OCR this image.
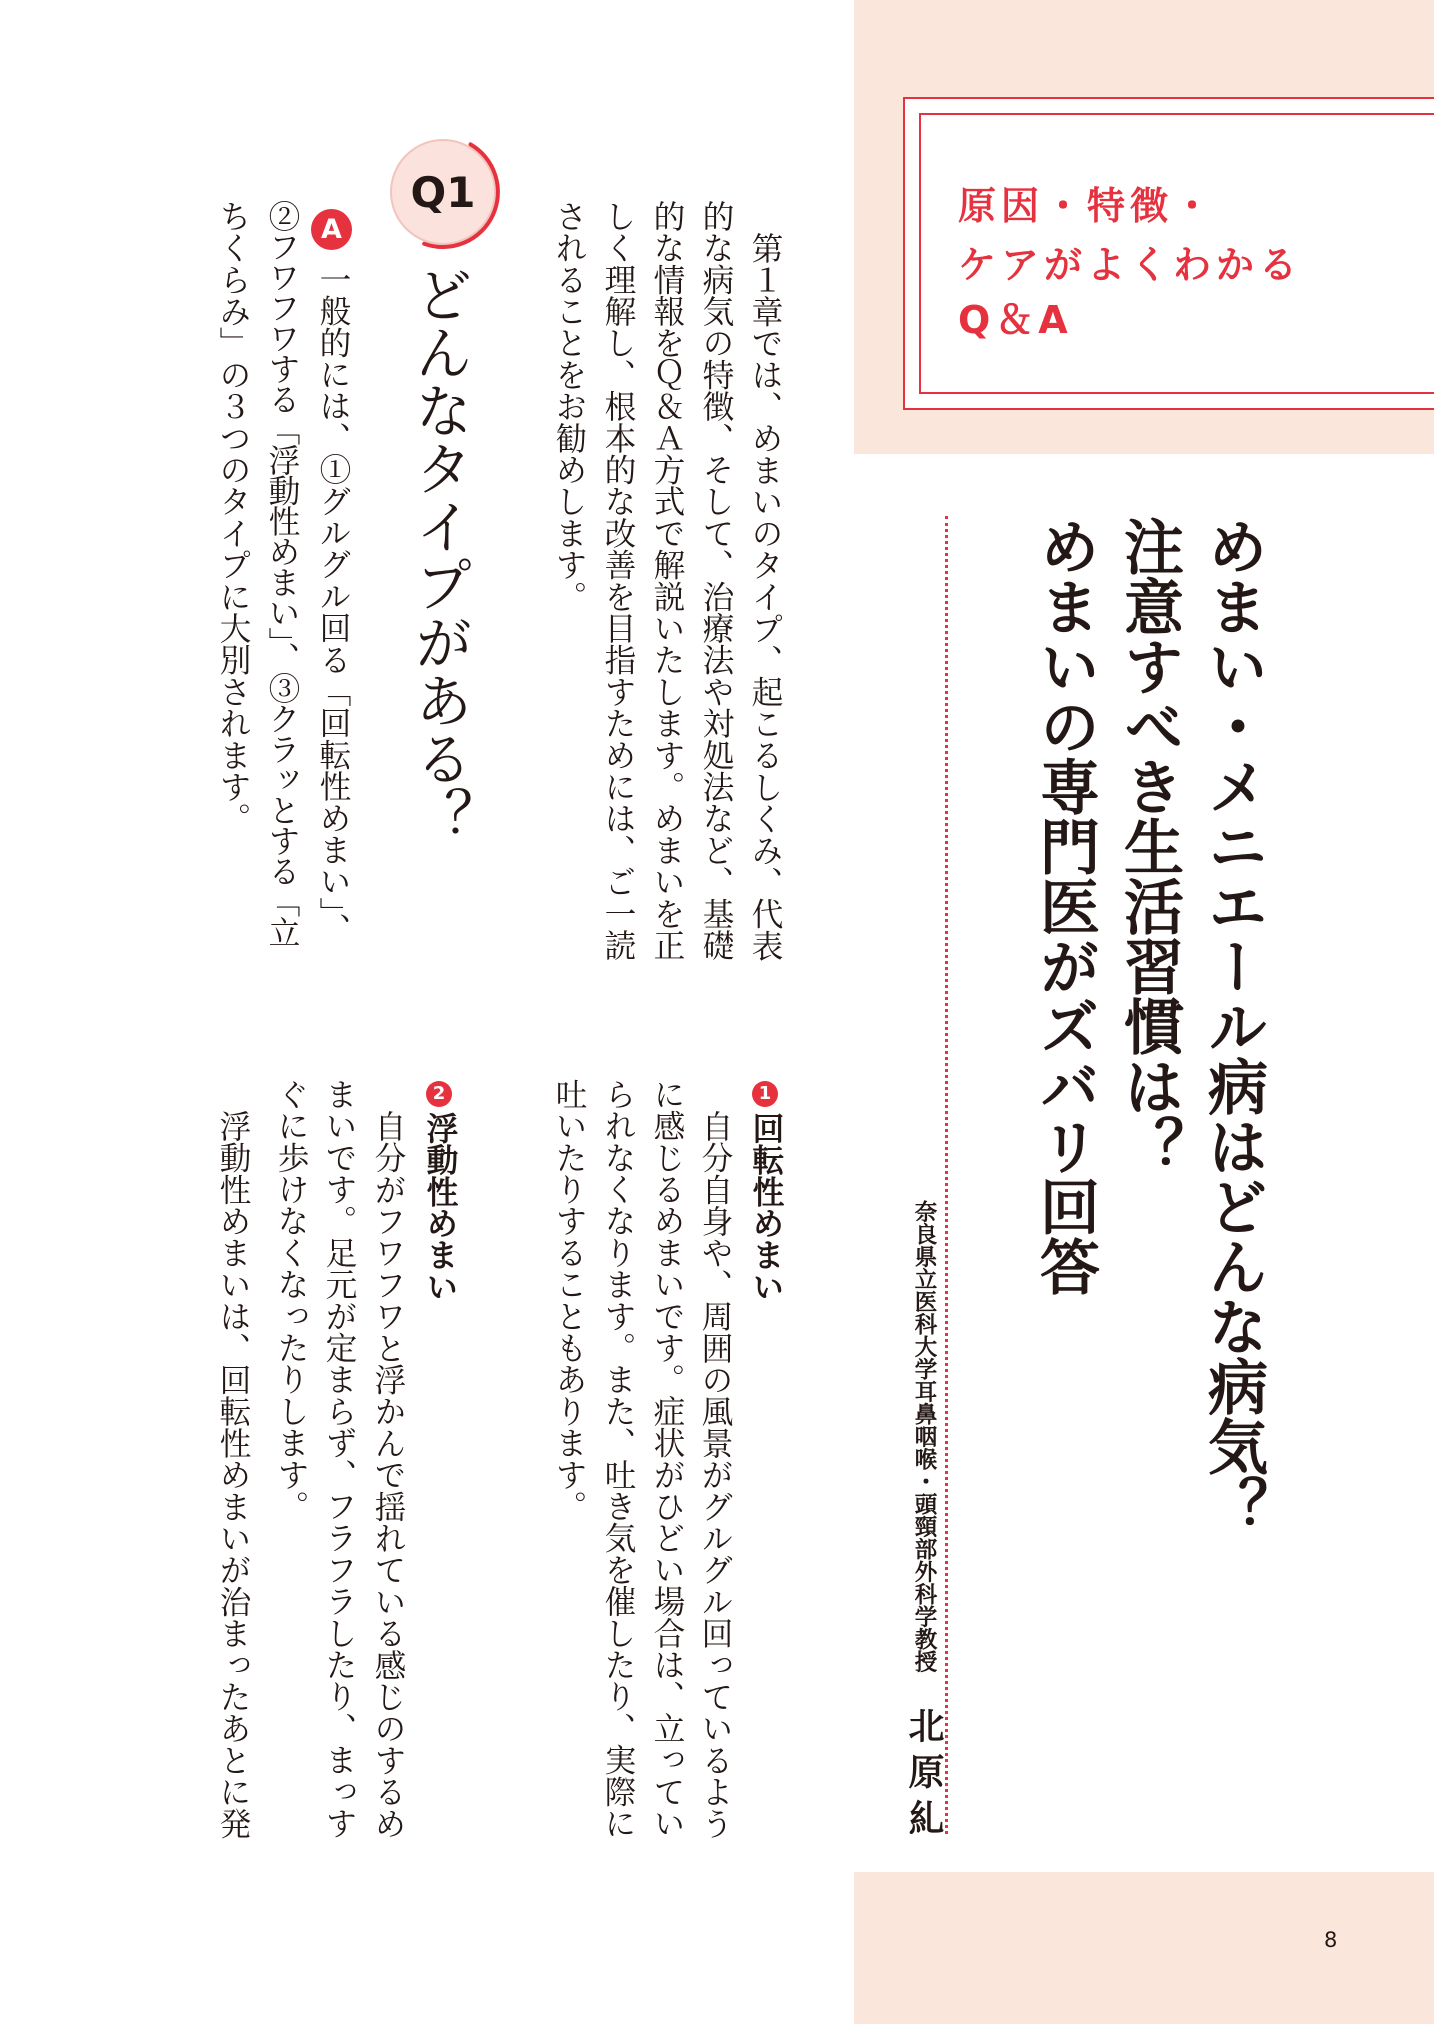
原因・特徴・
ケアがよくわかる
Q＆A
めまい・メニエール病はどんな病気？
注意すべき生活習慣は？
めまいの専門医がズバリ回答
奈良県立医科大学耳鼻咽喉・頭頸部外科学教授
北原糺
第１章では、めまいのタイプ、起こるしくみ、代表
的な病気の特徴、そして、治療法や対処法など、基礎
的な情報をＱ＆Ａ方式で解説いたします。めまいを正
しく理解し、根本的な改善を目指すためには、ご一読
されることをお勧めします。
Q1
どんなタイプがある？
A
一般的には、①グルグル回る「回転性めまい」、
②フワフワする「浮動性めまい」、③クラッとする「立
ちくらみ」の３つのタイプに大別されます。
1
回転性めまい
自分自身や、周囲の風景がグルグル回っているよう
に感じるめまいです。症状がひどい場合は、立ってい
られなくなります。また、吐き気を催したり、実際に
吐いたりすることもあります。
2
浮動性めまい
自分がフワフワと浮かんで揺れている感じのするめ
まいです。足元が定まらず、フラフラしたり、まっす
ぐに歩けなくなったりします。
浮動性めまいは、回転性めまいが治まったあとに発
8
